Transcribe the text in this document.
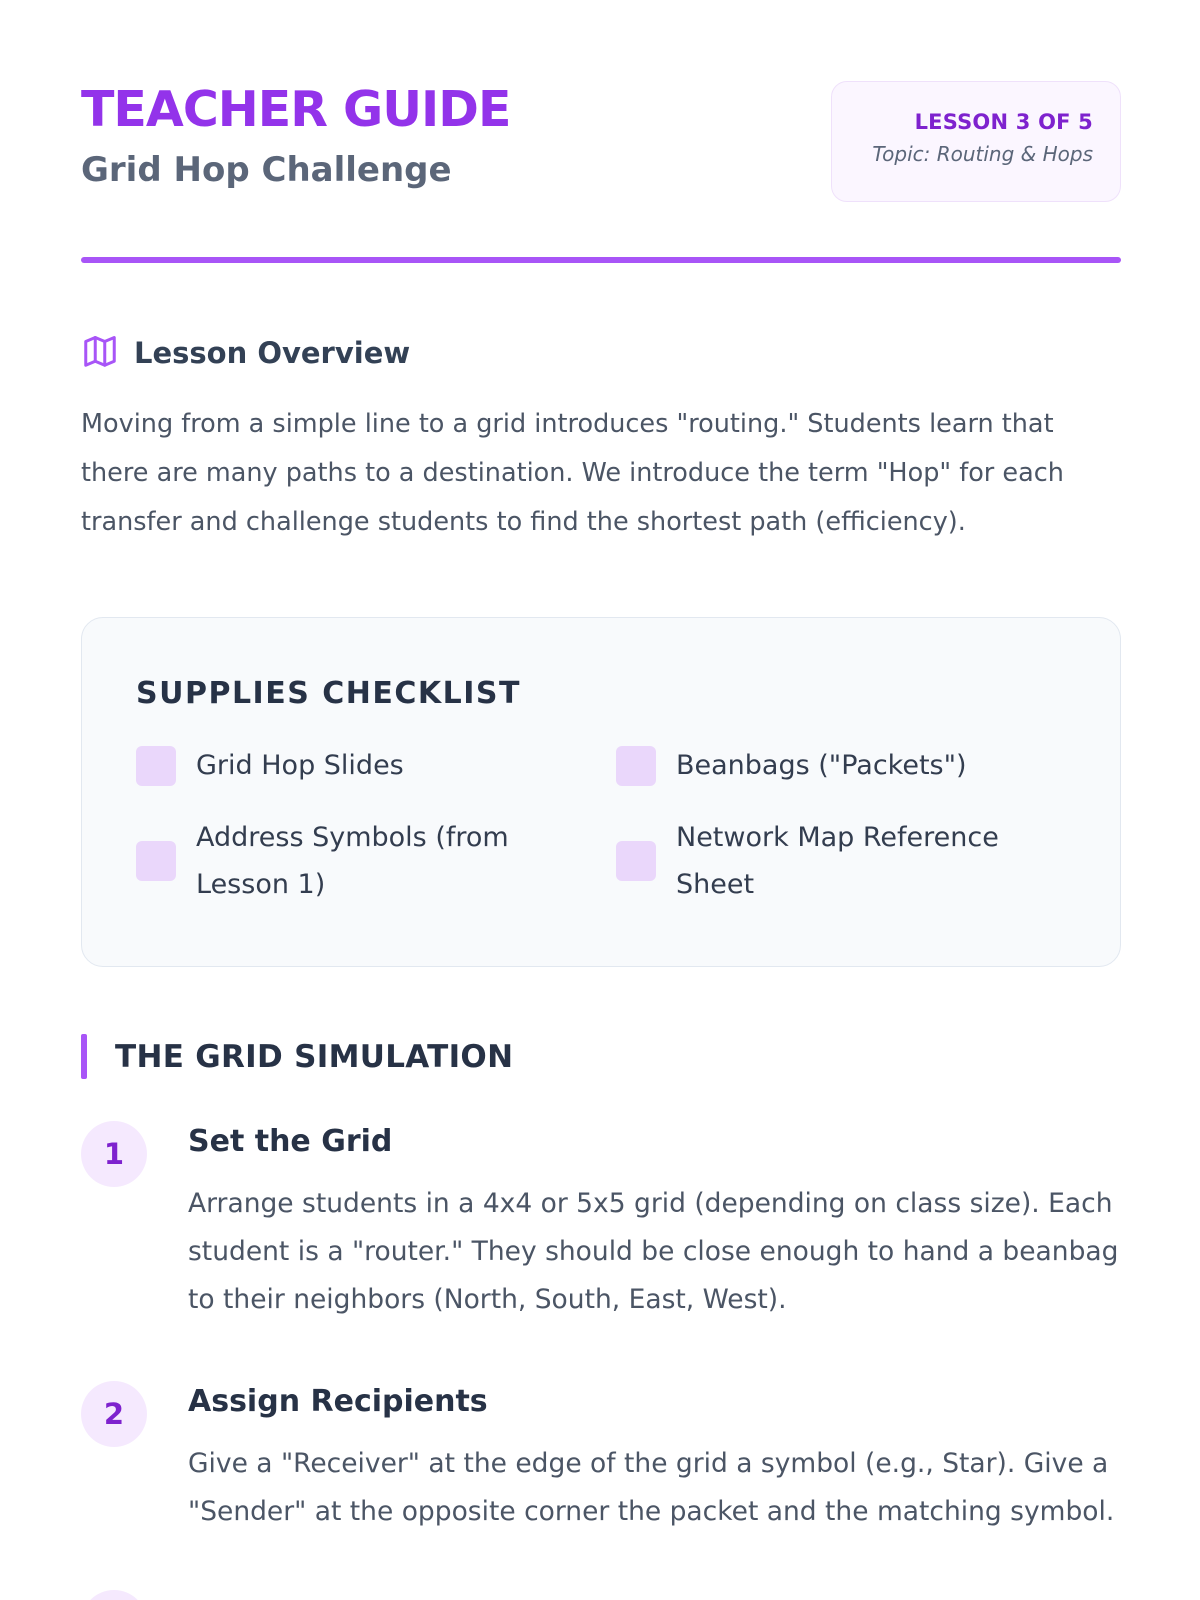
TEACHER GUIDE
Grid Hop Challenge
LESSON 3 OF 5
Topic: Routing & Hops
Lesson Overview

Moving from a simple line to a grid introduces "routing." Students learn that there are many paths to a destination. We introduce the term "Hop" for each transfer and challenge students to find the shortest path (efficiency).

SUPPLIES CHECKLIST
Grid Hop Slides	Beanbags ("Packets")
Address Symbols (from Lesson 1)
Network Map Reference Sheet
THE GRID SIMULATION
1	Set the Grid
Arrange students in a 4x4 or 5x5 grid (depending on class size). Each student is a "router." They should be close enough to hand a beanbag to their neighbors (North, South, East, West).
2	Assign Recipients
Give a "Receiver" at the edge of the grid a symbol (e.g., Star). Give a "Sender" at the opposite corner the packet and the matching symbol.
